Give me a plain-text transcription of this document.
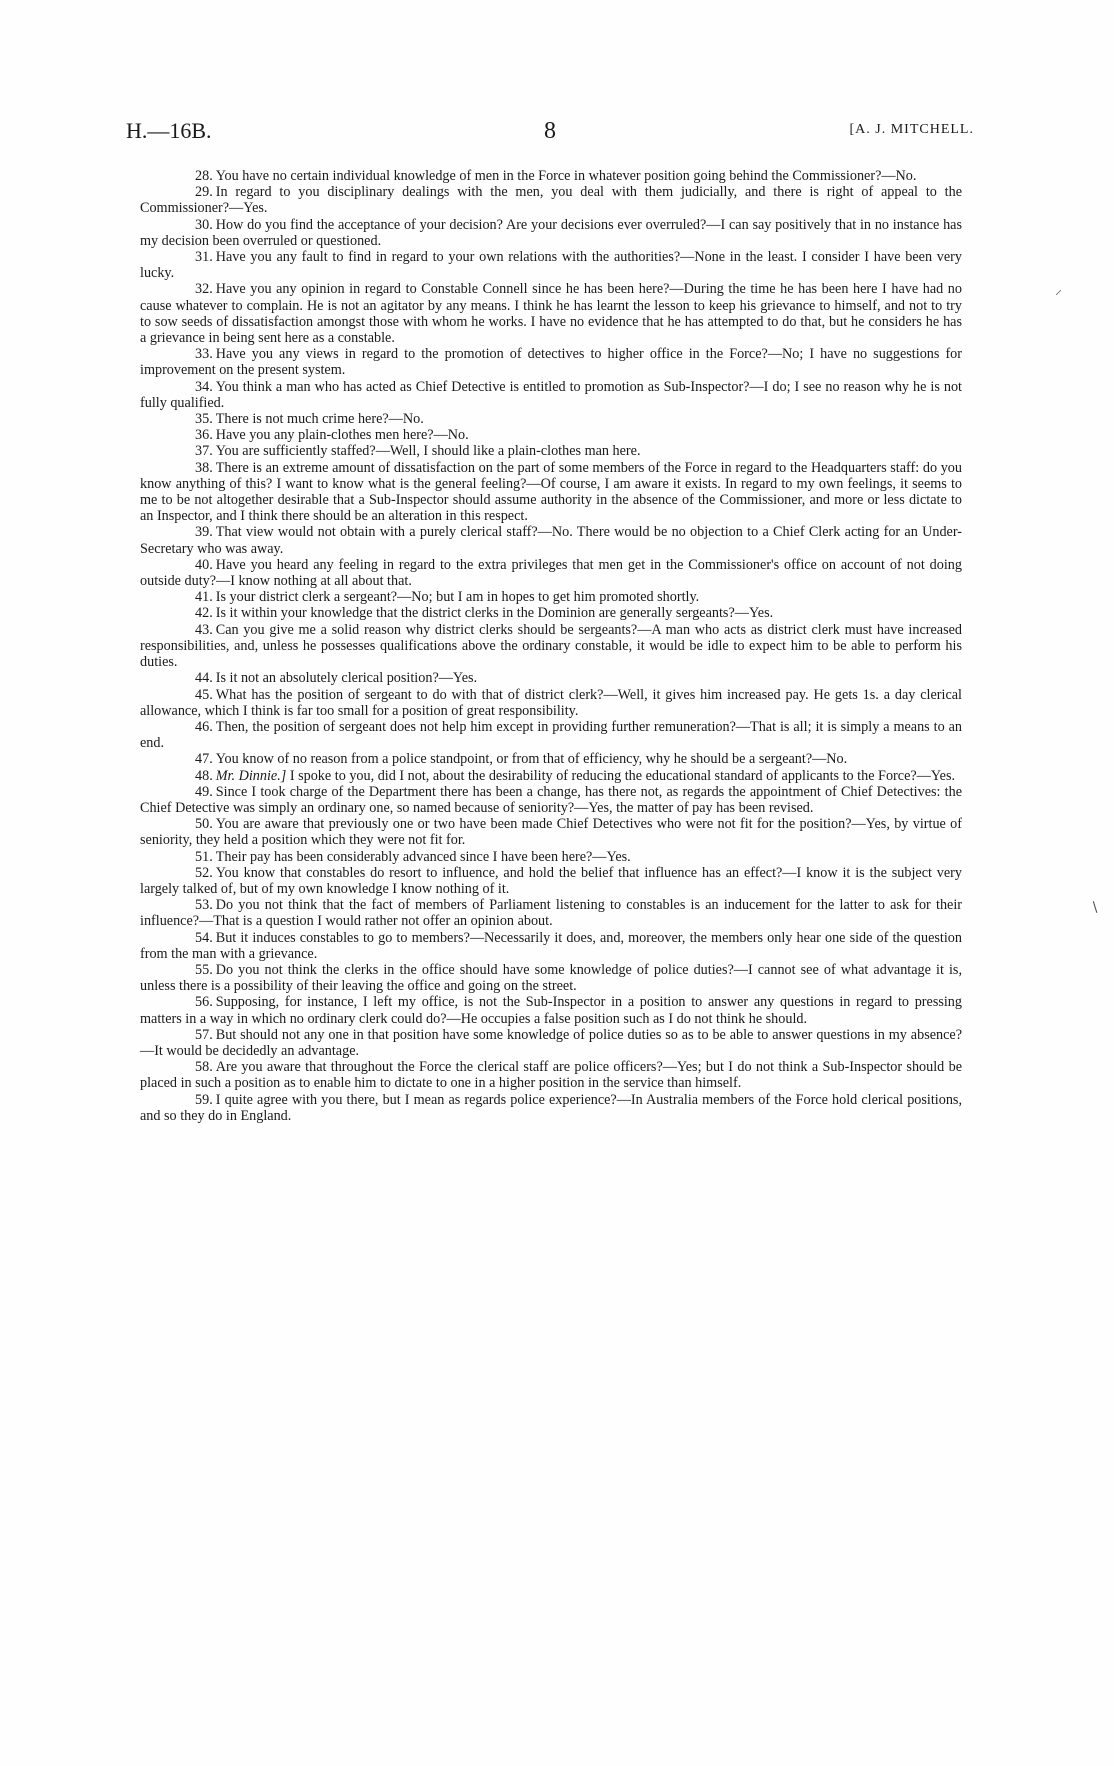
H.—16B.	8	[A. J. MITCHELL.

28. You have no certain individual knowledge of men in the Force in whatever position going behind the Commissioner?—No.

29. In regard to you disciplinary dealings with the men, you deal with them judicially, and there is right of appeal to the Commissioner?—Yes.

30. How do you find the acceptance of your decision? Are your decisions ever overruled?—I can say positively that in no instance has my decision been overruled or questioned.

31. Have you any fault to find in regard to your own relations with the authorities?—None in the least. I consider I have been very lucky.

32. Have you any opinion in regard to Constable Connell since he has been here?—During the time he has been here I have had no cause whatever to complain. He is not an agitator by any means. I think he has learnt the lesson to keep his grievance to himself, and not to try to sow seeds of dissatisfaction amongst those with whom he works. I have no evidence that he has attempted to do that, but he considers he has a grievance in being sent here as a constable.

33. Have you any views in regard to the promotion of detectives to higher office in the Force?—No; I have no suggestions for improvement on the present system.

34. You think a man who has acted as Chief Detective is entitled to promotion as Sub-Inspector?—I do; I see no reason why he is not fully qualified.

35. There is not much crime here?—No.

36. Have you any plain-clothes men here?—No.

37. You are sufficiently staffed?—Well, I should like a plain-clothes man here.

38. There is an extreme amount of dissatisfaction on the part of some members of the Force in regard to the Headquarters staff: do you know anything of this? I want to know what is the general feeling?—Of course, I am aware it exists. In regard to my own feelings, it seems to me to be not altogether desirable that a Sub-Inspector should assume authority in the absence of the Commissioner, and more or less dictate to an Inspector, and I think there should be an alteration in this respect.

39. That view would not obtain with a purely clerical staff?—No. There would be no objection to a Chief Clerk acting for an Under-Secretary who was away.

40. Have you heard any feeling in regard to the extra privileges that men get in the Commissioner's office on account of not doing outside duty?—I know nothing at all about that.

41. Is your district clerk a sergeant?—No; but I am in hopes to get him promoted shortly.

42. Is it within your knowledge that the district clerks in the Dominion are generally sergeants?—Yes.

43. Can you give me a solid reason why district clerks should be sergeants?—A man who acts as district clerk must have increased responsibilities, and, unless he possesses qualifications above the ordinary constable, it would be idle to expect him to be able to perform his duties.

44. Is it not an absolutely clerical position?—Yes.

45. What has the position of sergeant to do with that of district clerk?—Well, it gives him increased pay. He gets 1s. a day clerical allowance, which I think is far too small for a position of great responsibility.

46. Then, the position of sergeant does not help him except in providing further remuneration?—That is all; it is simply a means to an end.

47. You know of no reason from a police standpoint, or from that of efficiency, why he should be a sergeant?—No.

48. Mr. Dinnie.] I spoke to you, did I not, about the desirability of reducing the educational standard of applicants to the Force?—Yes.

49. Since I took charge of the Department there has been a change, has there not, as regards the appointment of Chief Detectives: the Chief Detective was simply an ordinary one, so named because of seniority?—Yes, the matter of pay has been revised.

50. You are aware that previously one or two have been made Chief Detectives who were not fit for the position?—Yes, by virtue of seniority, they held a position which they were not fit for.

51. Their pay has been considerably advanced since I have been here?—Yes.

52. You know that constables do resort to influence, and hold the belief that influence has an effect?—I know it is the subject very largely talked of, but of my own knowledge I know nothing of it.

53. Do you not think that the fact of members of Parliament listening to constables is an inducement for the latter to ask for their influence?—That is a question I would rather not offer an opinion about.

54. But it induces constables to go to members?—Necessarily it does, and, moreover, the members only hear one side of the question from the man with a grievance.

55. Do you not think the clerks in the office should have some knowledge of police duties?—I cannot see of what advantage it is, unless there is a possibility of their leaving the office and going on the street.

56. Supposing, for instance, I left my office, is not the Sub-Inspector in a position to answer any questions in regard to pressing matters in a way in which no ordinary clerk could do?—He occupies a false position such as I do not think he should.

57. But should not any one in that position have some knowledge of police duties so as to be able to answer questions in my absence?—It would be decidedly an advantage.

58. Are you aware that throughout the Force the clerical staff are police officers?—Yes; but I do not think a Sub-Inspector should be placed in such a position as to enable him to dictate to one in a higher position in the service than himself.

59. I quite agree with you there, but I mean as regards police experience?—In Australia members of the Force hold clerical positions, and so they do in England.

⸝
∖
